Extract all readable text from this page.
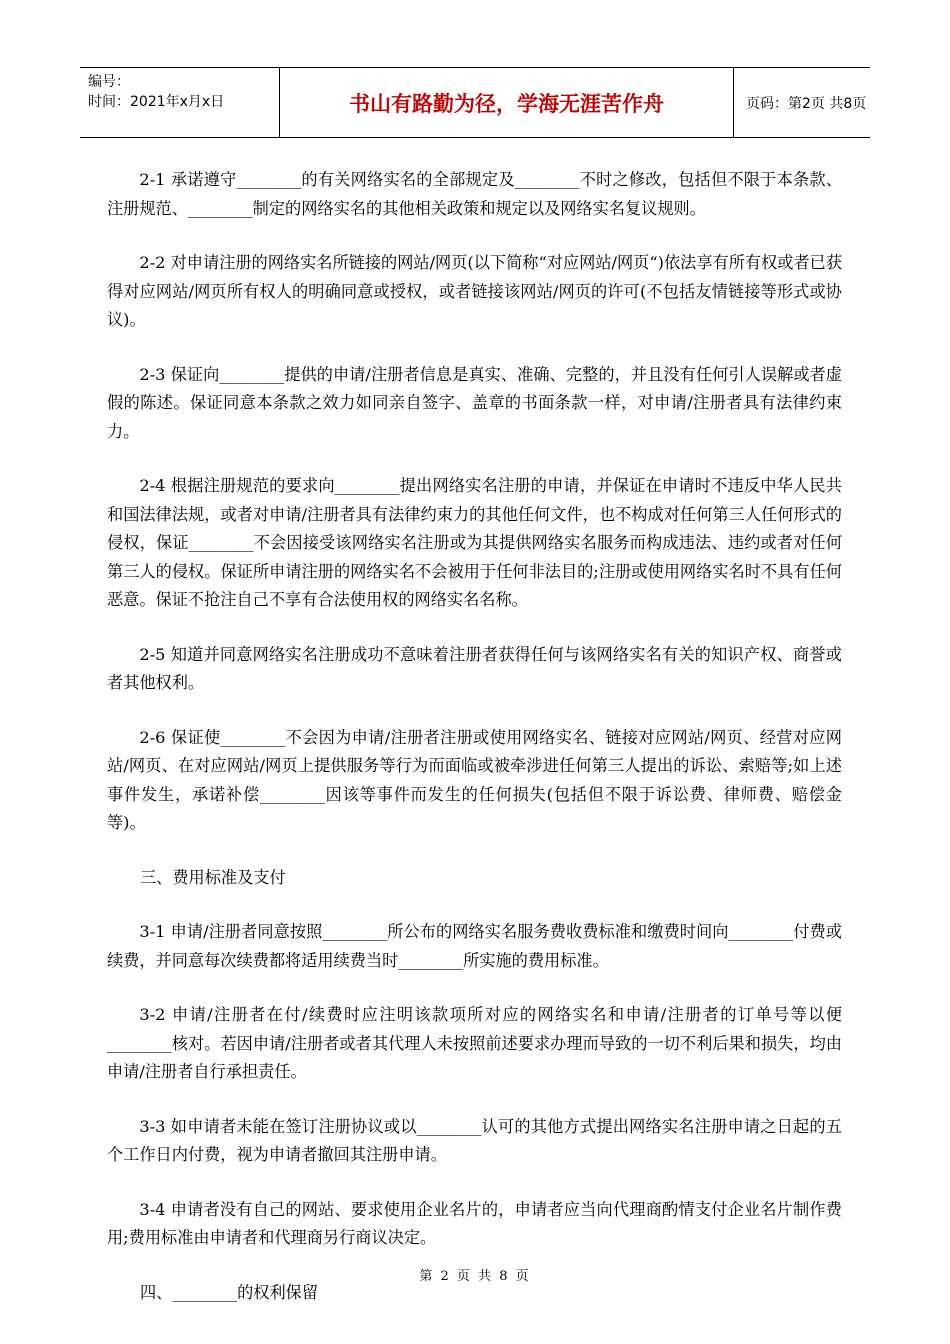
编号：
时间：2021年x月x日	书山有路勤为径，学海无涯苦作舟	页码：第2页 共8页

2-1 承诺遵守________的有关网络实名的全部规定及________不时之修改，包括但不限于本条款、注册规范、________制定的网络实名的其他相关政策和规定以及网络实名复议规则。

2-2 对申请注册的网络实名所链接的网站/网页(以下简称“对应网站/网页“)依法享有所有权或者已获得对应网站/网页所有权人的明确同意或授权，或者链接该网站/网页的许可(不包括友情链接等形式或协议)。

2-3 保证向________提供的申请/注册者信息是真实、准确、完整的，并且没有任何引人误解或者虚假的陈述。保证同意本条款之效力如同亲自签字、盖章的书面条款一样，对申请/注册者具有法律约束力。

2-4 根据注册规范的要求向________提出网络实名注册的申请，并保证在申请时不违反中华人民共和国法律法规，或者对申请/注册者具有法律约束力的其他任何文件，也不构成对任何第三人任何形式的侵权，保证________不会因接受该网络实名注册或为其提供网络实名服务而构成违法、违约或者对任何第三人的侵权。保证所申请注册的网络实名不会被用于任何非法目的;注册或使用网络实名时不具有任何恶意。保证不抢注自己不享有合法使用权的网络实名名称。

2-5 知道并同意网络实名注册成功不意味着注册者获得任何与该网络实名有关的知识产权、商誉或者其他权利。

2-6 保证使________不会因为申请/注册者注册或使用网络实名、链接对应网站/网页、经营对应网站/网页、在对应网站/网页上提供服务等行为而面临或被牵涉进任何第三人提出的诉讼、索赔等;如上述事件发生，承诺补偿________因该等事件而发生的任何损失(包括但不限于诉讼费、律师费、赔偿金等)。

三、费用标准及支付

3-1 申请/注册者同意按照________所公布的网络实名服务费收费标准和缴费时间向________付费或续费，并同意每次续费都将适用续费当时________所实施的费用标准。

3-2 申请/注册者在付/续费时应注明该款项所对应的网络实名和申请/注册者的订单号等以便________核对。若因申请/注册者或者其代理人未按照前述要求办理而导致的一切不利后果和损失，均由申请/注册者自行承担责任。

3-3 如申请者未能在签订注册协议或以________认可的其他方式提出网络实名注册申请之日起的五个工作日内付费，视为申请者撤回其注册申请。

3-4 申请者没有自己的网站、要求使用企业名片的，申请者应当向代理商酌情支付企业名片制作费用;费用标准由申请者和代理商另行商议决定。

四、________的权利保留

第 2 页 共 8 页
